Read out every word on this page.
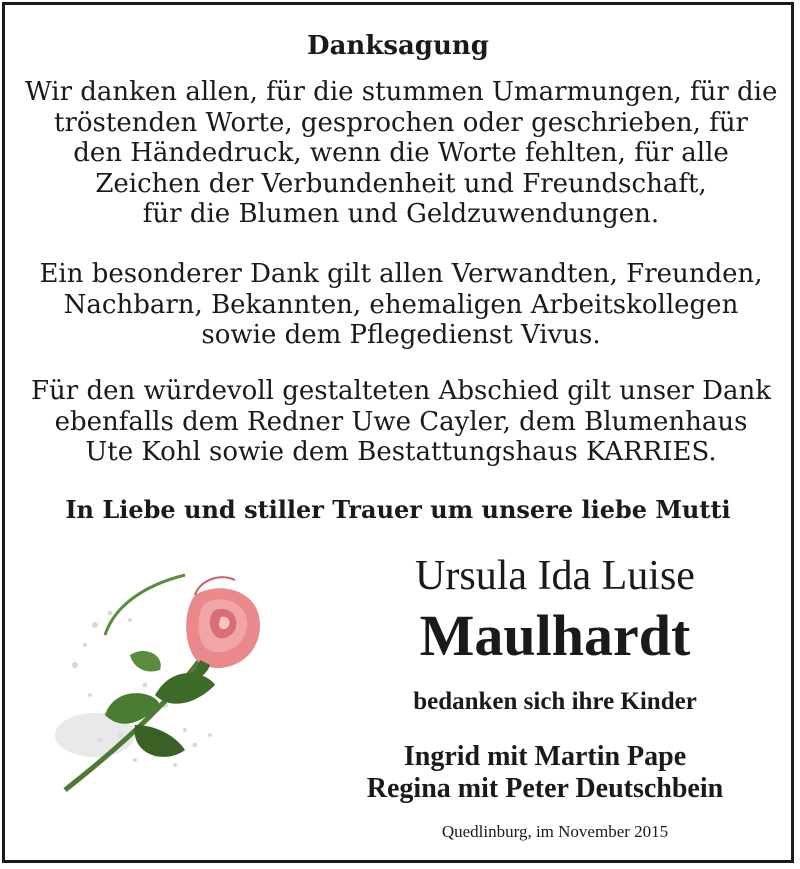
Danksagung

Wir danken allen, für die stummen Umarmungen, für die
tröstenden Worte, gesprochen oder geschrieben, für
den Händedruck, wenn die Worte fehlten, für alle
Zeichen der Verbundenheit und Freundschaft,
für die Blumen und Geldzuwendungen.

Ein besonderer Dank gilt allen Verwandten, Freunden,
Nachbarn, Bekannten, ehemaligen Arbeitskollegen
sowie dem Pflegedienst Vivus.

Für den würdevoll gestalteten Abschied gilt unser Dank
ebenfalls dem Redner Uwe Cayler, dem Blumenhaus
Ute Kohl sowie dem Bestattungshaus KARRIES.

In Liebe und stiller Trauer um unsere liebe Mutti
Ursula Ida Luise
Maulhardt
bedanken sich ihre Kinder
Ingrid mit Martin Pape
Regina mit Peter Deutschbein
Quedlinburg, im November 2015
